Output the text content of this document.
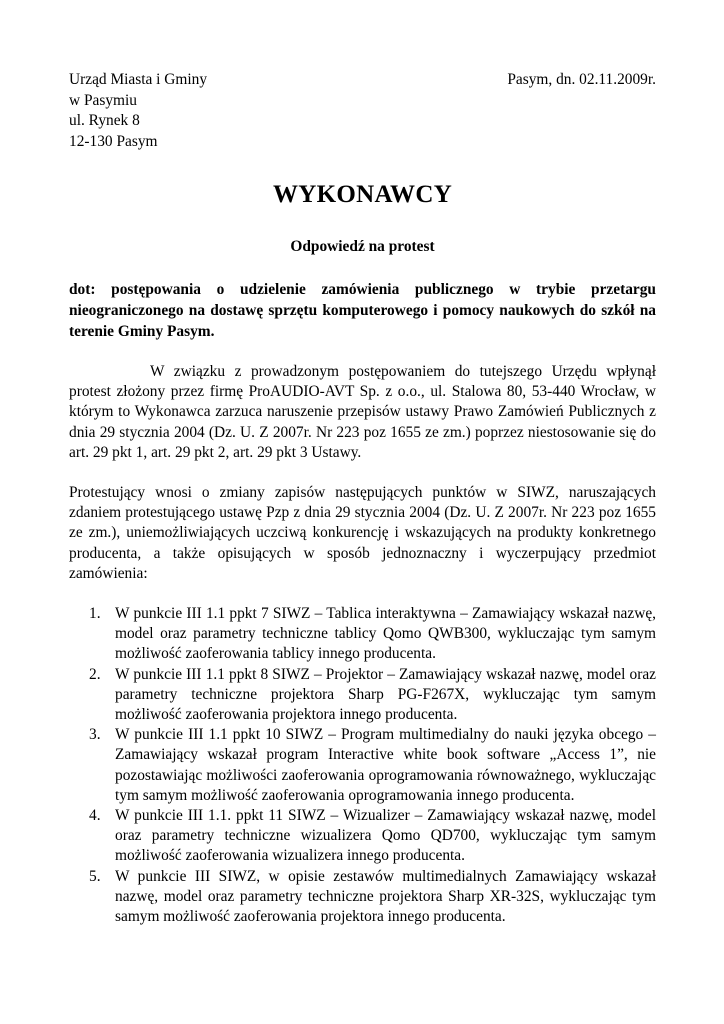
Urząd Miasta i Gminy
w Pasymiu
ul. Rynek 8
12-130 Pasym
Pasym, dn. 02.11.2009r.
WYKONAWCY
Odpowiedź na protest
dot: postępowania o udzielenie zamówienia publicznego w trybie przetargu nieograniczonego na dostawę sprzętu komputerowego i pomocy naukowych do szkół na terenie Gminy Pasym.

W związku z prowadzonym postępowaniem do tutejszego Urzędu wpłynął protest złożony przez firmę ProAUDIO-AVT Sp. z o.o., ul. Stalowa 80, 53-440 Wrocław, w którym to Wykonawca zarzuca naruszenie przepisów ustawy Prawo Zamówień Publicznych z dnia 29 stycznia 2004 (Dz. U. Z 2007r. Nr 223 poz 1655 ze zm.) poprzez niestosowanie się do art. 29 pkt 1, art. 29 pkt 2, art. 29 pkt 3 Ustawy.

Protestujący wnosi o zmiany zapisów następujących punktów w SIWZ, naruszających zdaniem protestującego ustawę Pzp z dnia 29 stycznia 2004 (Dz. U. Z 2007r. Nr 223 poz 1655 ze zm.), uniemożliwiających uczciwą konkurencję i wskazujących na produkty konkretnego producenta, a także opisujących w sposób jednoznaczny i wyczerpujący przedmiot zamówienia:

1. W punkcie III 1.1 ppkt 7 SIWZ – Tablica interaktywna – Zamawiający wskazał nazwę, model oraz parametry techniczne tablicy Qomo QWB300, wykluczając tym samym możliwość zaoferowania tablicy innego producenta.
2. W punkcie III 1.1 ppkt 8 SIWZ – Projektor – Zamawiający wskazał nazwę, model oraz parametry techniczne projektora Sharp PG-F267X, wykluczając tym samym możliwość zaoferowania projektora innego producenta.
3. W punkcie III 1.1 ppkt 10 SIWZ – Program multimedialny do nauki języka obcego – Zamawiający wskazał program Interactive white book software „Access 1”, nie pozostawiając możliwości zaoferowania oprogramowania równoważnego, wykluczając tym samym możliwość zaoferowania oprogramowania innego producenta.
4. W punkcie III 1.1. ppkt 11 SIWZ – Wizualizer – Zamawiający wskazał nazwę, model oraz parametry techniczne wizualizera Qomo QD700, wykluczając tym samym możliwość zaoferowania wizualizera innego producenta.
5. W punkcie III SIWZ, w opisie zestawów multimedialnych Zamawiający wskazał nazwę, model oraz parametry techniczne projektora Sharp XR-32S, wykluczając tym samym możliwość zaoferowania projektora innego producenta.
